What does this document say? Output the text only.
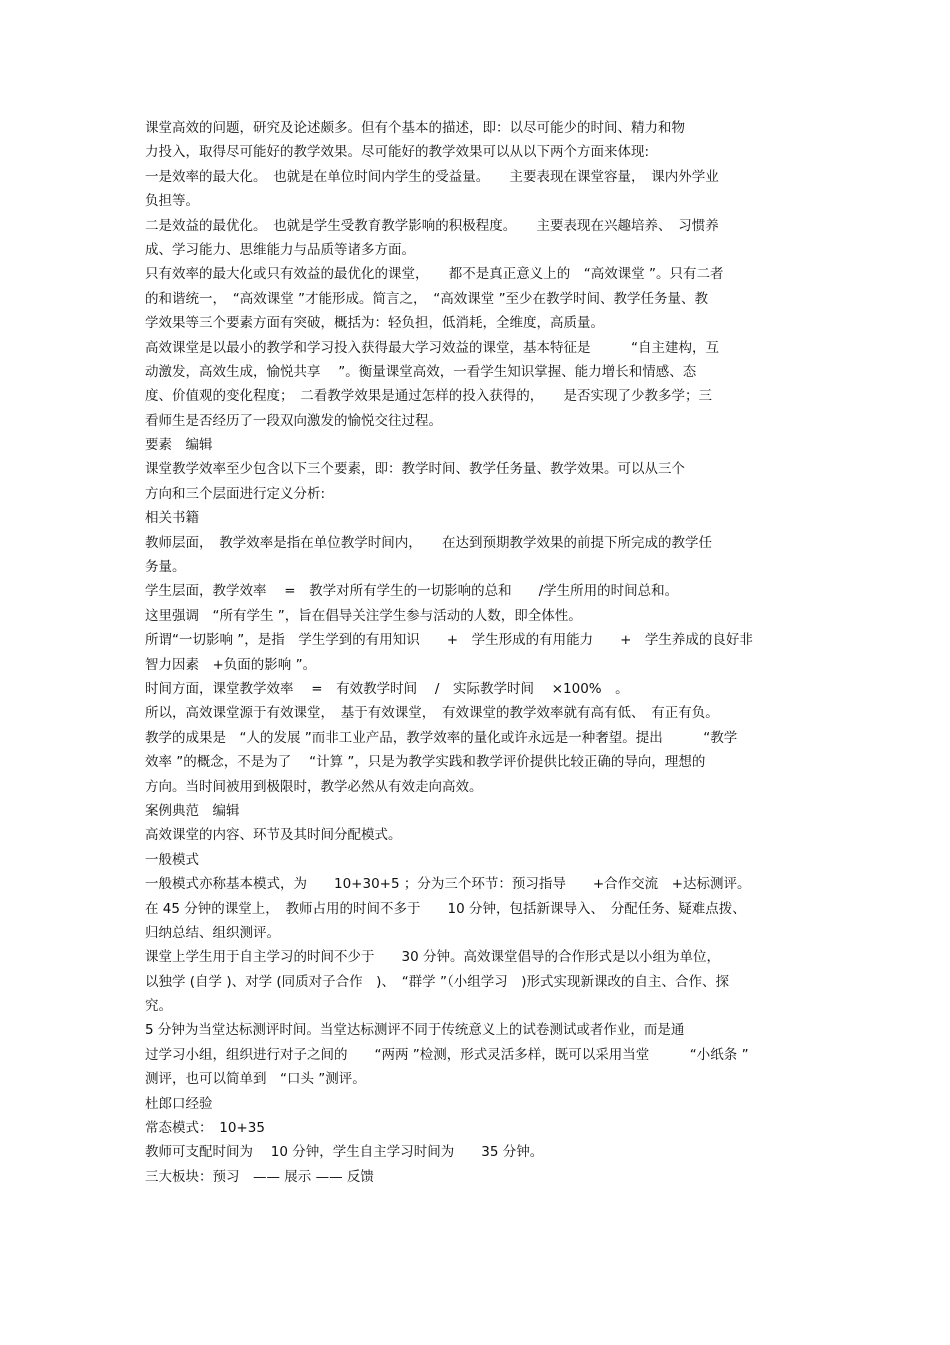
课堂高效的问题，研究及论述颇多。但有个基本的描述，即：以尽可能少的时间、精力和物
力投入，取得尽可能好的教学效果。尽可能好的教学效果可以从以下两个方面来体现:
一是效率的最大化。　也就是在单位时间内学生的受益量。　　主要表现在课堂容量，　课内外学业
负担等。
二是效益的最优化。　也就是学生受教育教学影响的积极程度。　　主要表现在兴趣培养、　习惯养
成、学习能力、思维能力与品质等诸多方面。
只有效率的最大化或只有效益的最优化的课堂，　　都不是真正意义上的　“高效课堂 ”。只有二者
的和谐统一，　“高效课堂 ”才能形成。简言之，　“高效课堂 ”至少在教学时间、教学任务量、教
学效果等三个要素方面有突破，概括为：轻负担，低消耗，全维度，高质量。
高效课堂是以最小的教学和学习投入获得最大学习效益的课堂，基本特征是　　　“自主建构，互
动激发，高效生成，愉悦共享　 ”。衡量课堂高效，一看学生知识掌握、能力增长和情感、态
度、价值观的变化程度；　二看教学效果是通过怎样的投入获得的，　　是否实现了少教多学；三
看师生是否经历了一段双向激发的愉悦交往过程。
要素　编辑
课堂教学效率至少包含以下三个要素，即：教学时间、教学任务量、教学效果。可以从三个
方向和三个层面进行定义分析:
相关书籍
教师层面，　教学效率是指在单位教学时间内，　　在达到预期教学效果的前提下所完成的教学任
务量。
学生层面，教学效率　 =　教学对所有学生的一切影响的总和　　/学生所用的时间总和。
这里强调　“所有学生 ”，旨在倡导关注学生参与活动的人数，即全体性。
所谓“一切影响 ”，是指　学生学到的有用知识　　+　学生形成的有用能力　　+　学生养成的良好非
智力因素　+负面的影响 ”。
时间方面，课堂教学效率　 =　有效教学时间　 /　实际教学时间　 ×100%　。
所以，高效课堂源于有效课堂，　基于有效课堂，　有效课堂的教学效率就有高有低、　有正有负。
教学的成果是　“人的发展 ”而非工业产品，教学效率的量化或许永远是一种奢望。提出　　　“教学
效率 ”的概念，不是为了　 “计算 ”，只是为教学实践和教学评价提供比较正确的导向，理想的
方向。当时间被用到极限时，教学必然从有效走向高效。
案例典范　编辑
高效课堂的内容、环节及其时间分配模式。
一般模式
一般模式亦称基本模式，为　　10+30+5 ；分为三个环节：预习指导　　+合作交流　+达标测评。
在 45 分钟的课堂上，　教师占用的时间不多于　　10 分钟，包括新课导入、　分配任务、疑难点拨、
归纳总结、组织测评。
课堂上学生用于自主学习的时间不少于　　30 分钟。高效课堂倡导的合作形式是以小组为单位，
以独学 (自学 )、对学 (同质对子合作　)、　“群学 ”（小组学习　)形式实现新课改的自主、合作、探
究。
5 分钟为当堂达标测评时间。当堂达标测评不同于传统意义上的试卷测试或者作业，而是通
过学习小组，组织进行对子之间的　　“两两 ”检测，形式灵活多样，既可以采用当堂　　　“小纸条 ”
测评，也可以简单到　“口头 ”测评。
杜郎口经验
常态模式：　10+35
教师可支配时间为　 10 分钟，学生自主学习时间为　　35 分钟。
三大板块：预习　—— 展示 —— 反馈
